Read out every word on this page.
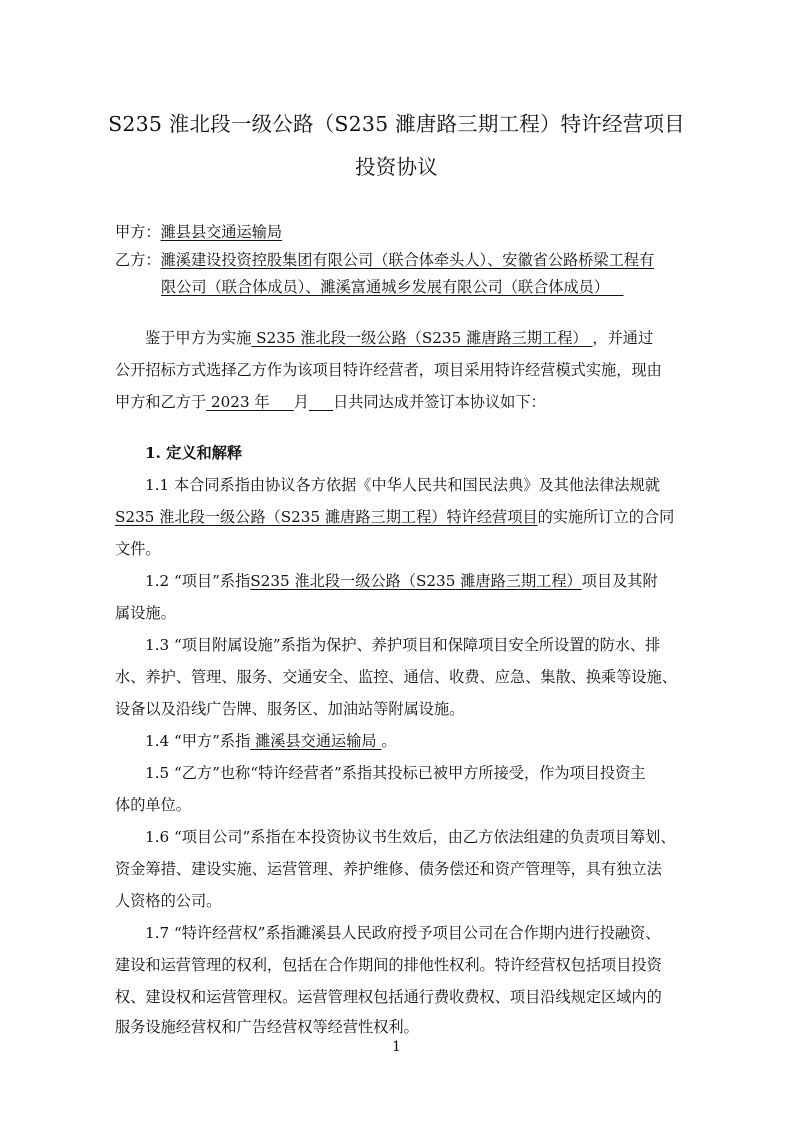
S235 淮北段一级公路（S235 濉唐路三期工程）特许经营项目
投资协议
甲方：濉县县交通运输局
乙方：濉溪建设投资控股集团有限公司（联合体牵头人）、安徽省公路桥梁工程有
限公司（联合体成员）、濉溪富通城乡发展有限公司（联合体成员）
鉴于甲方为实施 S235 淮北段一级公路（S235 濉唐路三期工程） ，并通过
公开招标方式选择乙方作为该项目特许经营者，项目采用特许经营模式实施，现由
甲方和乙方于 2023 年 月 日共同达成并签订本协议如下：
1. 定义和解释
1.1 本合同系指由协议各方依据《中华人民共和国民法典》及其他法律法规就
S235 淮北段一级公路（S235 濉唐路三期工程）特许经营项目的实施所订立的合同
文件。
1.2 “项目”系指S235 淮北段一级公路（S235 濉唐路三期工程）项目及其附
属设施。
1.3 “项目附属设施”系指为保护、养护项目和保障项目安全所设置的防水、排
水、养护、管理、服务、交通安全、监控、通信、收费、应急、集散、换乘等设施、
设备以及沿线广告牌、服务区、加油站等附属设施。
1.4 “甲方”系指 濉溪县交通运输局 。
1.5 “乙方”也称“特许经营者”系指其投标已被甲方所接受，作为项目投资主
体的单位。
1.6 “项目公司”系指在本投资协议书生效后，由乙方依法组建的负责项目筹划、
资金筹措、建设实施、运营管理、养护维修、债务偿还和资产管理等，具有独立法
人资格的公司。
1.7 “特许经营权”系指濉溪县人民政府授予项目公司在合作期内进行投融资、
建设和运营管理的权利，包括在合作期间的排他性权利。特许经营权包括项目投资
权、建设权和运营管理权。运营管理权包括通行费收费权、项目沿线规定区域内的
服务设施经营权和广告经营权等经营性权利。
1
